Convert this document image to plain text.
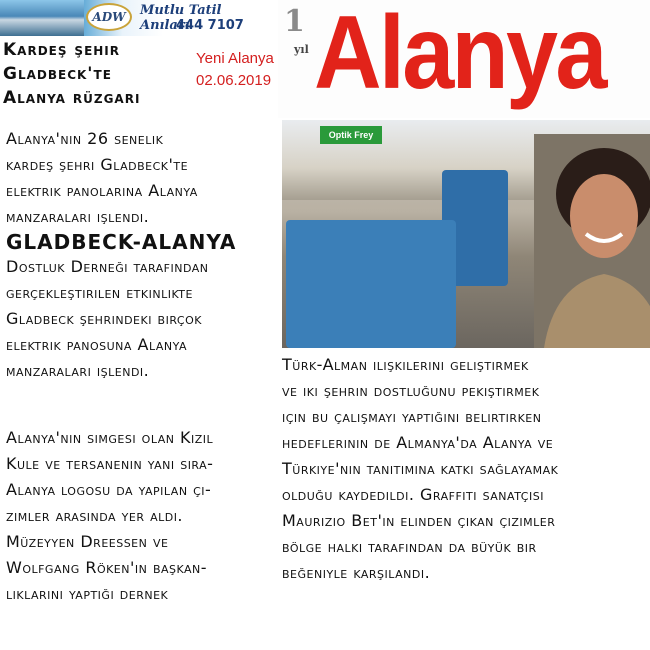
ADW	Mutlu Tatil Anıları
444 7107 1
yıl Alanya
Kardeş şehir
Gladbeck'te
Alanya rüzgarı
Yeni Alanya
02.06.2019
Optik Frey
Alanya'nın 26 senelik
kardeş şehri Gladbeck'te
elektrik panolarına Alanya
manzaraları işlendi.
GLADBECK-ALANYA
Dostluk Derneği tarafından
gerçekleştirilen etkinlikte
Gladbeck şehrindeki birçok
elektrik panosuna Alanya
manzaraları işlendi.
Alanya'nın simgesi olan Kızıl
Kule ve tersanenin yanı sıra-
Alanya logosu da yapılan çi-
zimler arasında yer aldı.
Müzeyyen Dreessen ve
Wolfgang Röken'in başkan-
lıklarını yaptığı dernek
Türk-Alman ilişkilerini geliştirmek
ve iki şehrin dostluğunu pekiştirmek
için bu çalışmayı yaptığını belirtirken
hedeflerinin de Almanya'da Alanya ve
Türkiye'nin tanıtımına katkı sağlayamak
olduğu kaydedildi. Graffiti sanatçısı
Maurizio Bet'in elinden çıkan çizimler
bölge halkı tarafından da büyük bir
beğeniyle karşılandı.
